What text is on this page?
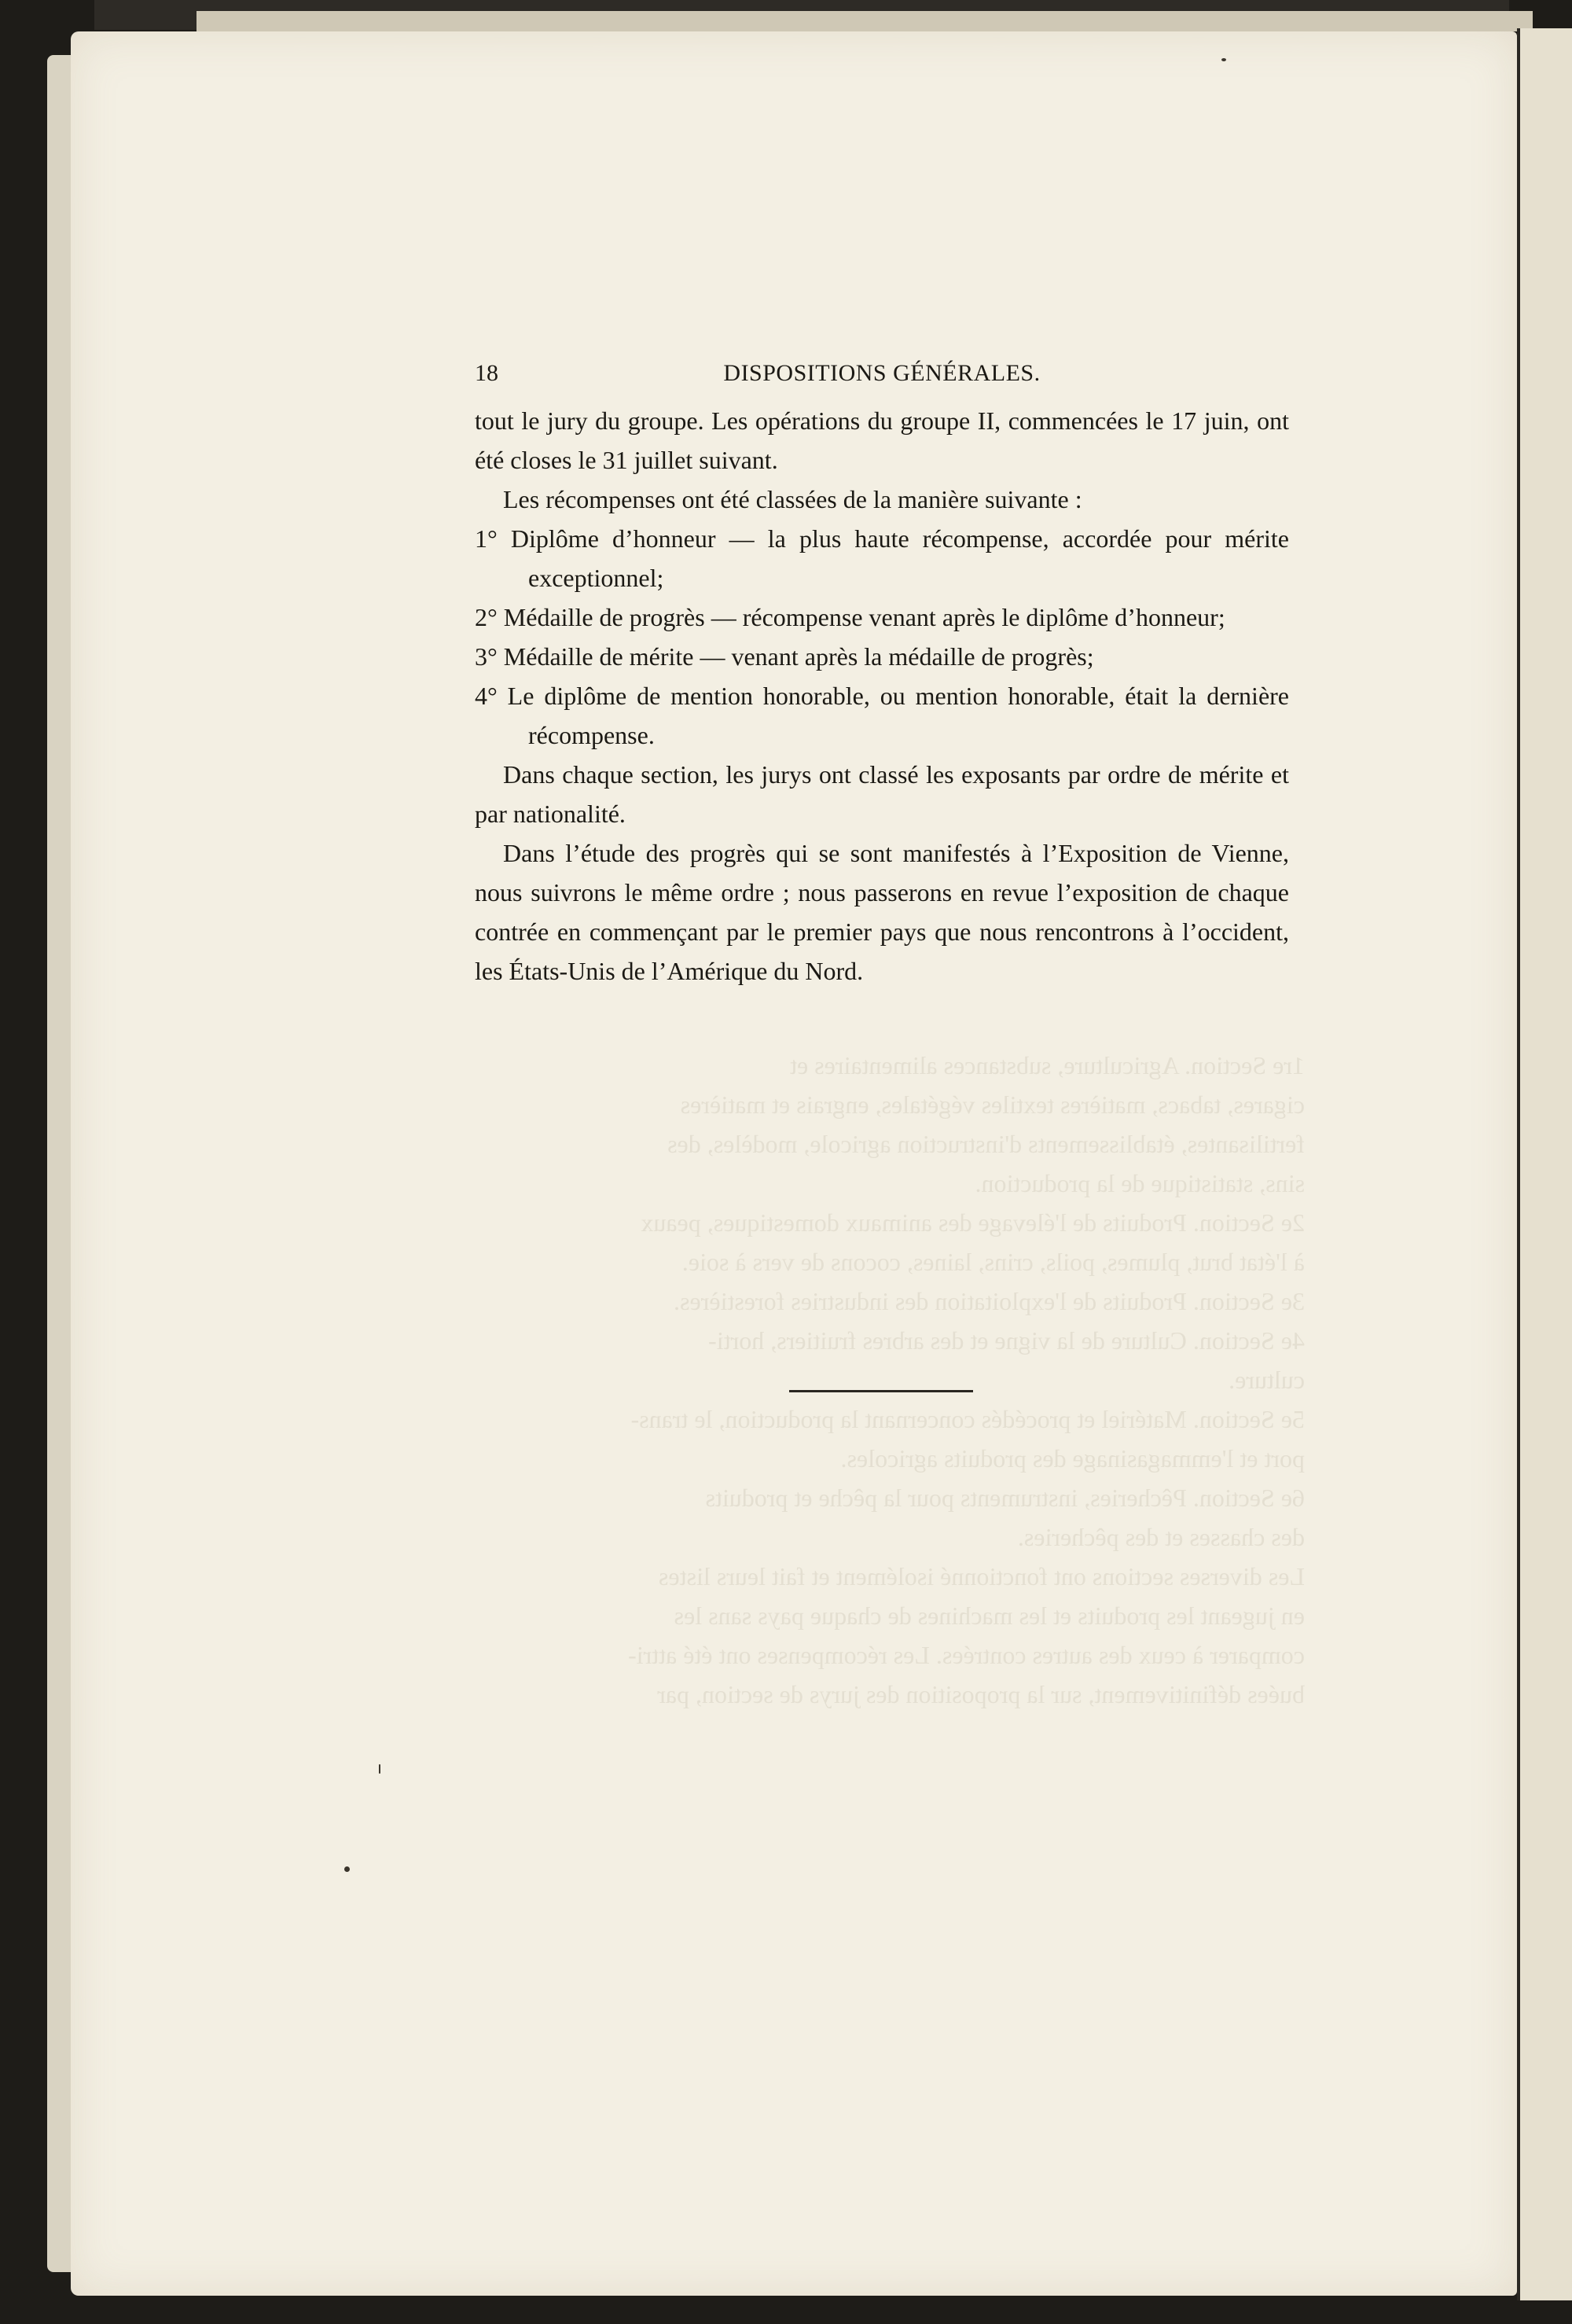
18	DISPOSITIONS GÉNÉRALES.

tout le jury du groupe. Les opérations du groupe II, commencées le 17 juin, ont été closes le 31 juillet suivant.

Les récompenses ont été classées de la manière suivante :

1° Diplôme d’honneur — la plus haute récompense, accordée pour mérite exceptionnel;

2° Médaille de progrès — récompense venant après le diplôme d’honneur;

3° Médaille de mérite — venant après la médaille de progrès;

4° Le diplôme de mention honorable, ou mention honorable, était la dernière récompense.

Dans chaque section, les jurys ont classé les exposants par ordre de mérite et par nationalité.

Dans l’étude des progrès qui se sont manifestés à l’Exposition de Vienne, nous suivrons le même ordre ; nous passerons en revue l’exposition de chaque contrée en commençant par le premier pays que nous rencontrons à l’occident, les États-Unis de l’Amérique du Nord.
